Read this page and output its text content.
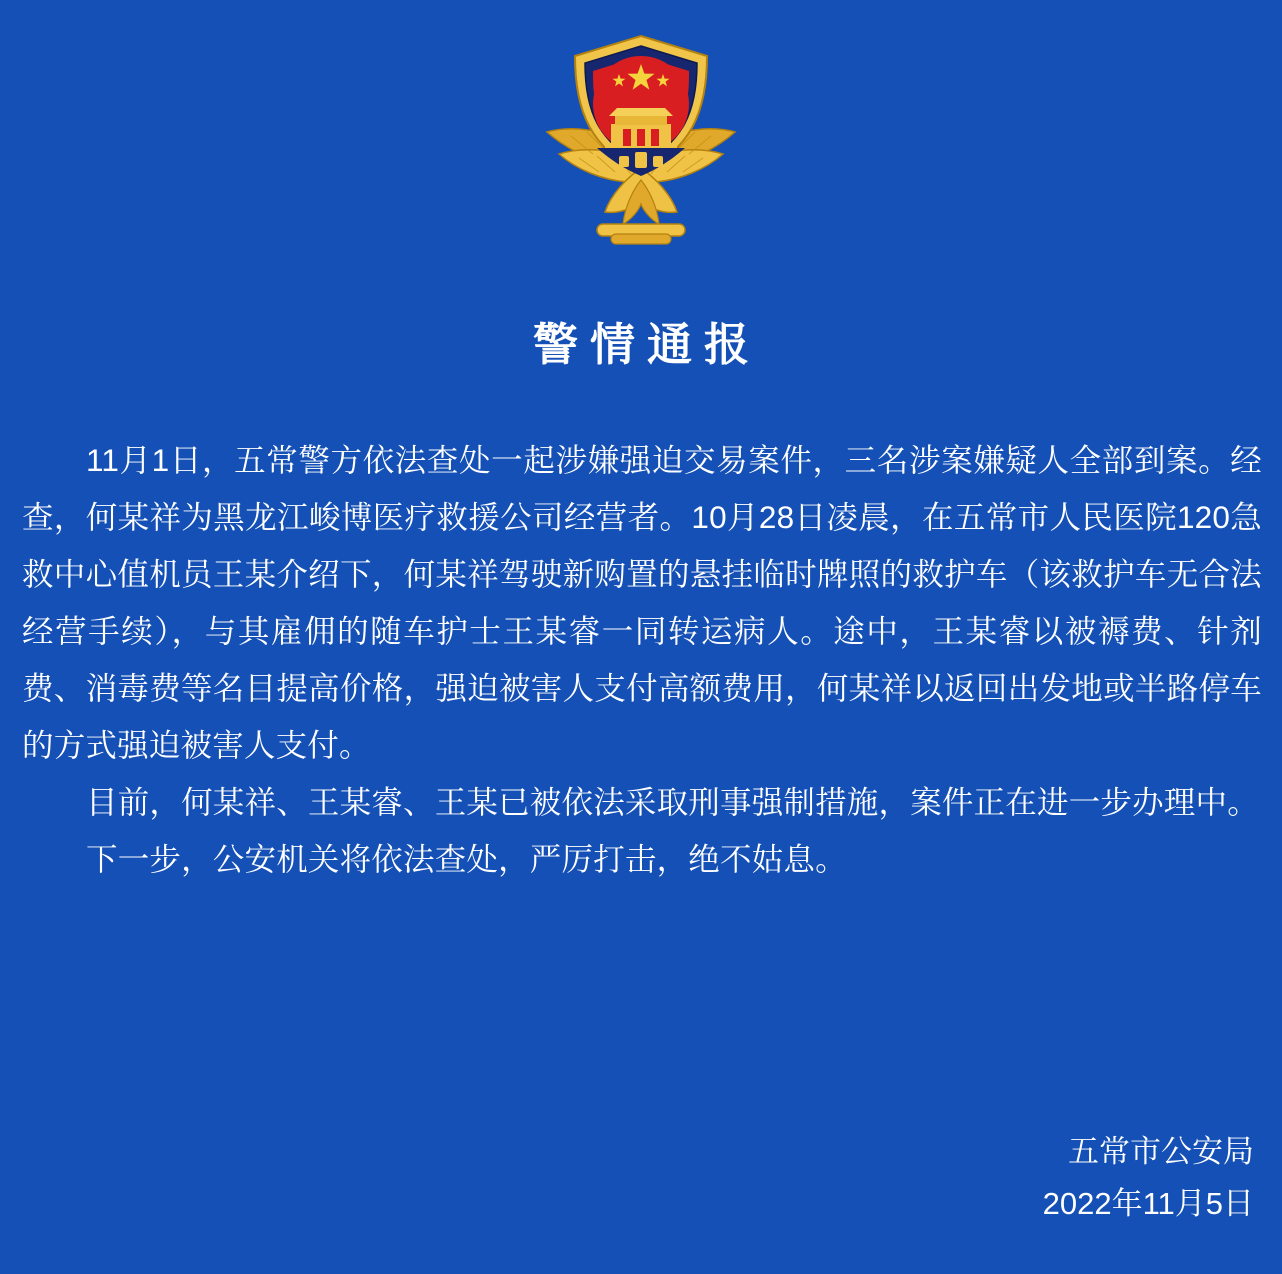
警情通报

11月1日，五常警方依法查处一起涉嫌强迫交易案件，三名涉案嫌疑人全部到案。经查，何某祥为黑龙江峻博医疗救援公司经营者。10月28日凌晨，在五常市人民医院120急救中心值机员王某介绍下，何某祥驾驶新购置的悬挂临时牌照的救护车（该救护车无合法经营手续），与其雇佣的随车护士王某睿一同转运病人。途中，王某睿以被褥费、针剂费、消毒费等名目提高价格，强迫被害人支付高额费用，何某祥以返回出发地或半路停车的方式强迫被害人支付。

目前，何某祥、王某睿、王某已被依法采取刑事强制措施，案件正在进一步办理中。

下一步，公安机关将依法查处，严厉打击，绝不姑息。

五常市公安局
2022年11月5日
